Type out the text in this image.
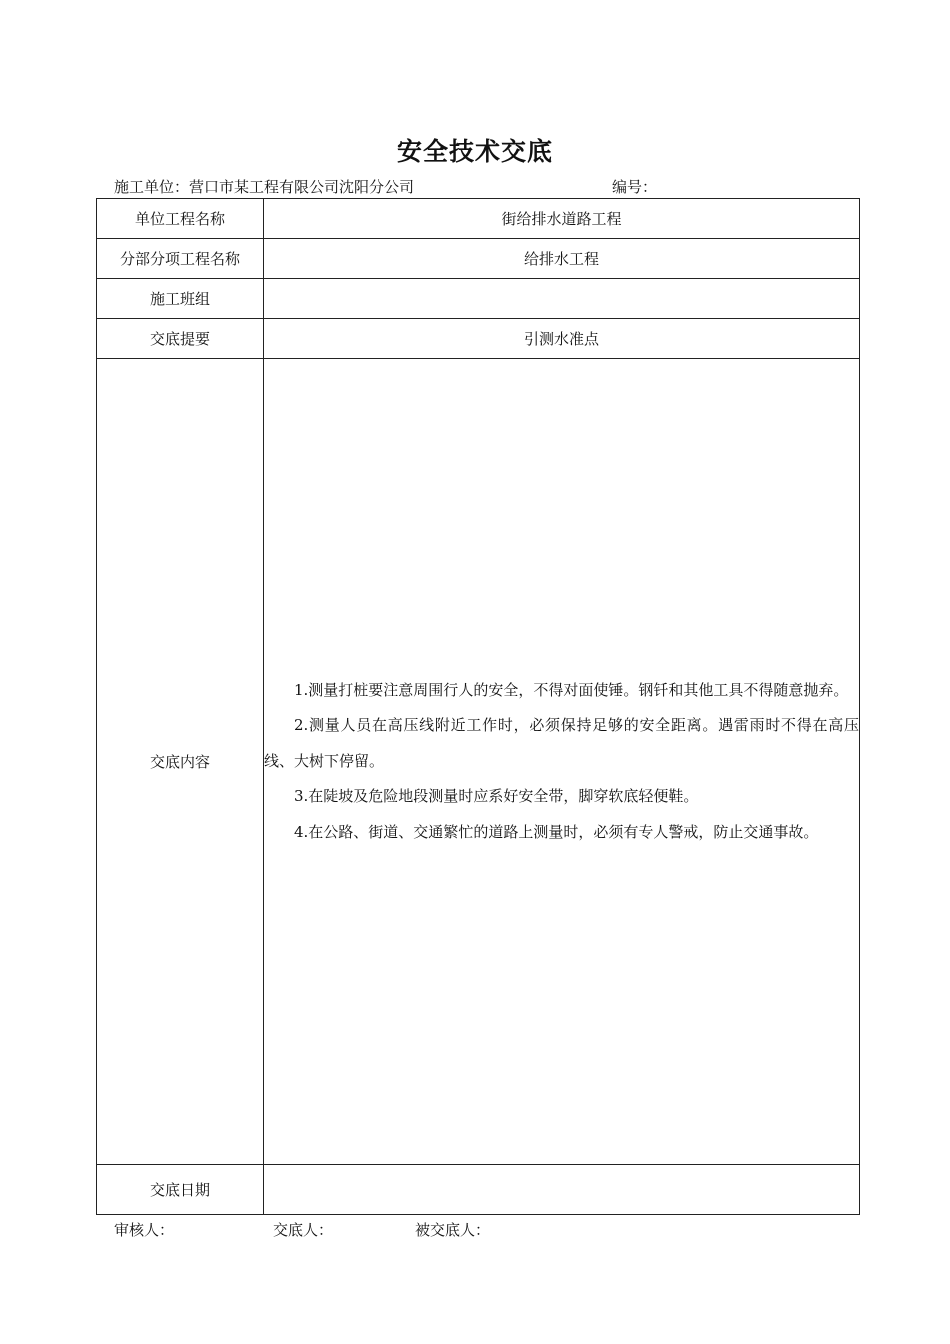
安全技术交底
施工单位：营口市某工程有限公司沈阳分公司	编号：
单位工程名称	街给排水道路工程
分部分项工程名称	给排水工程
施工班组	
交底提要	引测水准点
交底内容	1.测量打桩要注意周围行人的安全，不得对面使锤。钢钎和其他工具不得随意抛弃。

2.测量人员在高压线附近工作时，必须保持足够的安全距离。遇雷雨时不得在高压线、大树下停留。

3.在陡坡及危险地段测量时应系好安全带，脚穿软底轻便鞋。

4.在公路、街道、交通繁忙的道路上测量时，必须有专人警戒，防止交通事故。

交底日期	
审核人：	交底人：	被交底人：
